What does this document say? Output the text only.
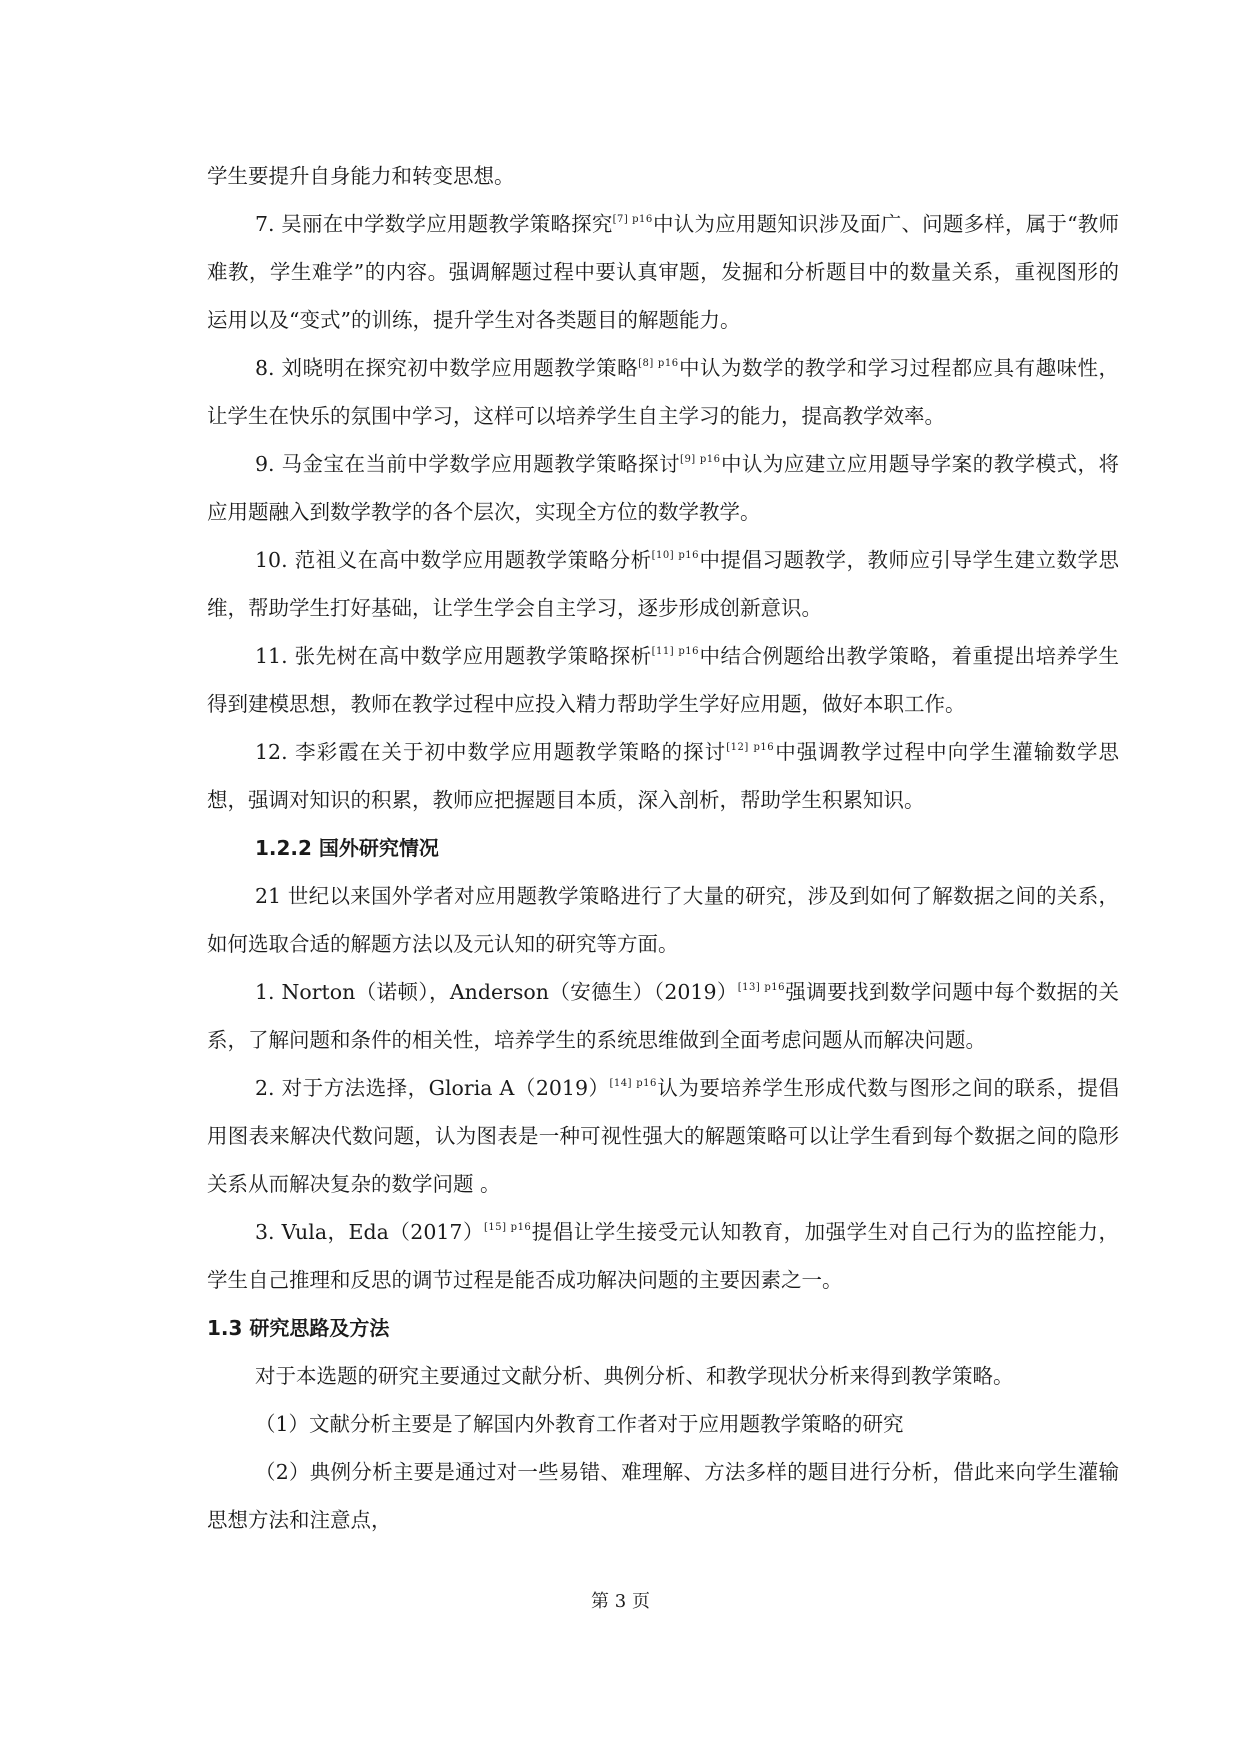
学生要提升自身能力和转变思想。

7. 吴丽在中学数学应用题教学策略探究$^{[7] p16}$中认为应用题知识涉及面广、问题多样，属于“教师难教，学生难学”的内容。强调解题过程中要认真审题，发掘和分析题目中的数量关系，重视图形的运用以及“变式”的训练，提升学生对各类题目的解题能力。

8. 刘晓明在探究初中数学应用题教学策略$^{[8] p16}$中认为数学的教学和学习过程都应具有趣味性，让学生在快乐的氛围中学习，这样可以培养学生自主学习的能力，提高教学效率。

9. 马金宝在当前中学数学应用题教学策略探讨$^{[9] p16}$中认为应建立应用题导学案的教学模式，将应用题融入到数学教学的各个层次，实现全方位的数学教学。

10. 范祖义在高中数学应用题教学策略分析$^{[10] p16}$中提倡习题教学，教师应引导学生建立数学思维，帮助学生打好基础，让学生学会自主学习，逐步形成创新意识。

11. 张先树在高中数学应用题教学策略探析$^{[11] p16}$中结合例题给出教学策略，着重提出培养学生得到建模思想，教师在教学过程中应投入精力帮助学生学好应用题，做好本职工作。

12. 李彩霞在关于初中数学应用题教学策略的探讨$^{[12] p16}$中强调教学过程中向学生灌输数学思想，强调对知识的积累，教师应把握题目本质，深入剖析，帮助学生积累知识。

1.2.2 国外研究情况

21 世纪以来国外学者对应用题教学策略进行了大量的研究，涉及到如何了解数据之间的关系，如何选取合适的解题方法以及元认知的研究等方面。

1. Norton（诺顿），Anderson（安德生）（2019）$^{[13] p16}$强调要找到数学问题中每个数据的关系，了解问题和条件的相关性，培养学生的系统思维做到全面考虑问题从而解决问题。

2. 对于方法选择，Gloria A（2019）$^{[14] p16}$认为要培养学生形成代数与图形之间的联系，提倡用图表来解决代数问题，认为图表是一种可视性强大的解题策略可以让学生看到每个数据之间的隐形关系从而解决复杂的数学问题 。

3. Vula，Eda（2017）$^{[15] p16}$提倡让学生接受元认知教育，加强学生对自己行为的监控能力，学生自己推理和反思的调节过程是能否成功解决问题的主要因素之一。

1.3 研究思路及方法

对于本选题的研究主要通过文献分析、典例分析、和教学现状分析来得到教学策略。

（1）文献分析主要是了解国内外教育工作者对于应用题教学策略的研究

（2）典例分析主要是通过对一些易错、难理解、方法多样的题目进行分析，借此来向学生灌输思想方法和注意点，

第 3 页
